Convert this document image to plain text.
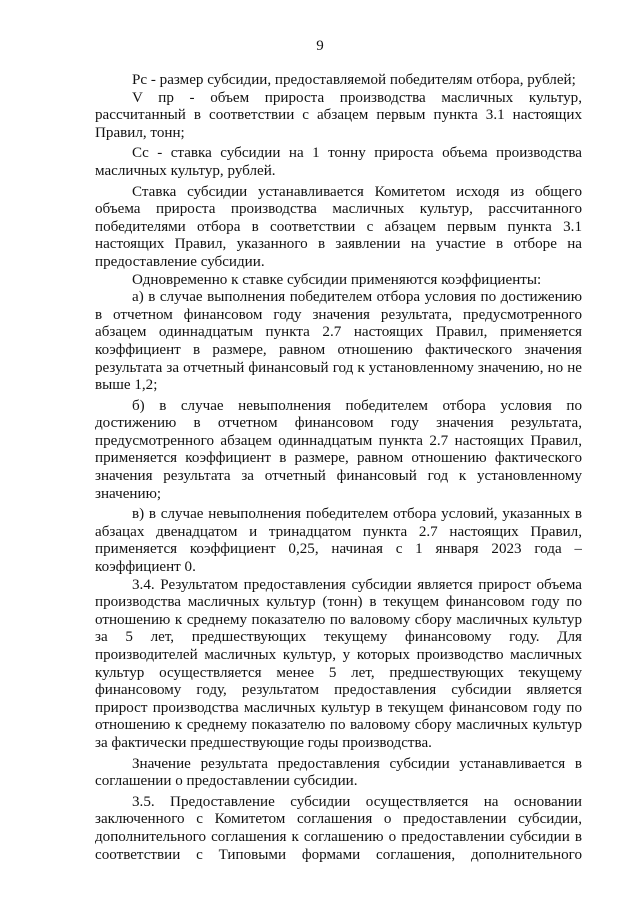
9
Pс - размер субсидии, предоставляемой победителям отбора, рублей;
V пр - объем прироста производства масличных культур,
рассчитанный в соответствии с абзацем первым пункта 3.1 настоящих
Правил, тонн;
Cс - ставка субсидии на 1 тонну прироста объема производства
масличных культур, рублей.
Ставка субсидии устанавливается Комитетом исходя из общего
объема прироста производства масличных культур, рассчитанного
победителями отбора в соответствии с абзацем первым пункта 3.1
настоящих Правил, указанного в заявлении на участие в отборе на
предоставление субсидии.
Одновременно к ставке субсидии применяются коэффициенты:
а) в случае выполнения победителем отбора условия по достижению
в отчетном финансовом году значения результата, предусмотренного
абзацем одиннадцатым пункта 2.7 настоящих Правил, применяется
коэффициент в размере, равном отношению фактического значения
результата за отчетный финансовый год к установленному значению, но не
выше 1,2;
б) в случае невыполнения победителем отбора условия по
достижению в отчетном финансовом году значения результата,
предусмотренного абзацем одиннадцатым пункта 2.7 настоящих Правил,
применяется коэффициент в размере, равном отношению фактического
значения результата за отчетный финансовый год к установленному
значению;
в) в случае невыполнения победителем отбора условий, указанных в
абзацах двенадцатом и тринадцатом пункта 2.7 настоящих Правил,
применяется коэффициент 0,25, начиная с 1 января 2023 года –
коэффициент 0.
3.4. Результатом предоставления субсидии является прирост объема
производства масличных культур (тонн) в текущем финансовом году по
отношению к среднему показателю по валовому сбору масличных культур
за 5 лет, предшествующих текущему финансовому году. Для
производителей масличных культур, у которых производство масличных
культур осуществляется менее 5 лет, предшествующих текущему
финансовому году, результатом предоставления субсидии является
прирост производства масличных культур в текущем финансовом году по
отношению к среднему показателю по валовому сбору масличных культур
за фактически предшествующие годы производства.
Значение результата предоставления субсидии устанавливается в
соглашении о предоставлении субсидии.
3.5. Предоставление субсидии осуществляется на основании
заключенного с Комитетом соглашения о предоставлении субсидии,
дополнительного соглашения к соглашению о предоставлении субсидии в
соответствии с Типовыми формами соглашения, дополнительного
